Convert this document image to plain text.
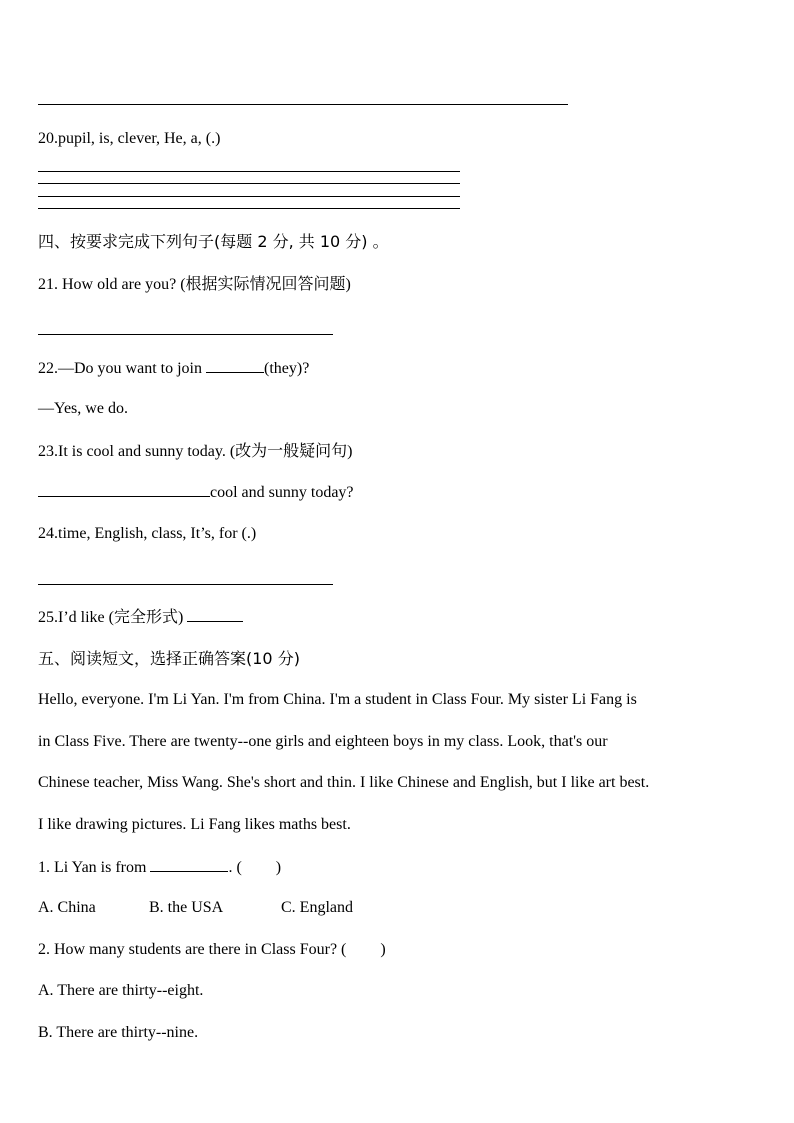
20.pupil, is, clever, He, a, (.)
四、按要求完成下列句子(每题 2 分, 共 10 分) 。
21. How old are you? (根据实际情况回答问题)
22.—Do you want to join	(they)?
—Yes, we do.
23.It is cool and sunny today. (改为一般疑问句)
cool and sunny today?
24.time, English, class, It’s, for (.)
25.I’d like (完全形式)
五、阅读短文，选择正确答案(10 分)
Hello, everyone. I'm Li Yan. I'm from China. I'm a student in Class Four. My sister Li Fang is
in Class Five. There are twenty--one girls and eighteen boys in my class. Look, that's our
Chinese teacher, Miss Wang. She's short and thin. I like Chinese and English, but I like art best.
I like drawing pictures. Li Fang likes maths best.
1. Li Yan is from	. ( )
A. China	B. the USA	C. England
2. How many students are there in Class Four? ( )
A. There are thirty--eight.
B. There are thirty--nine.
